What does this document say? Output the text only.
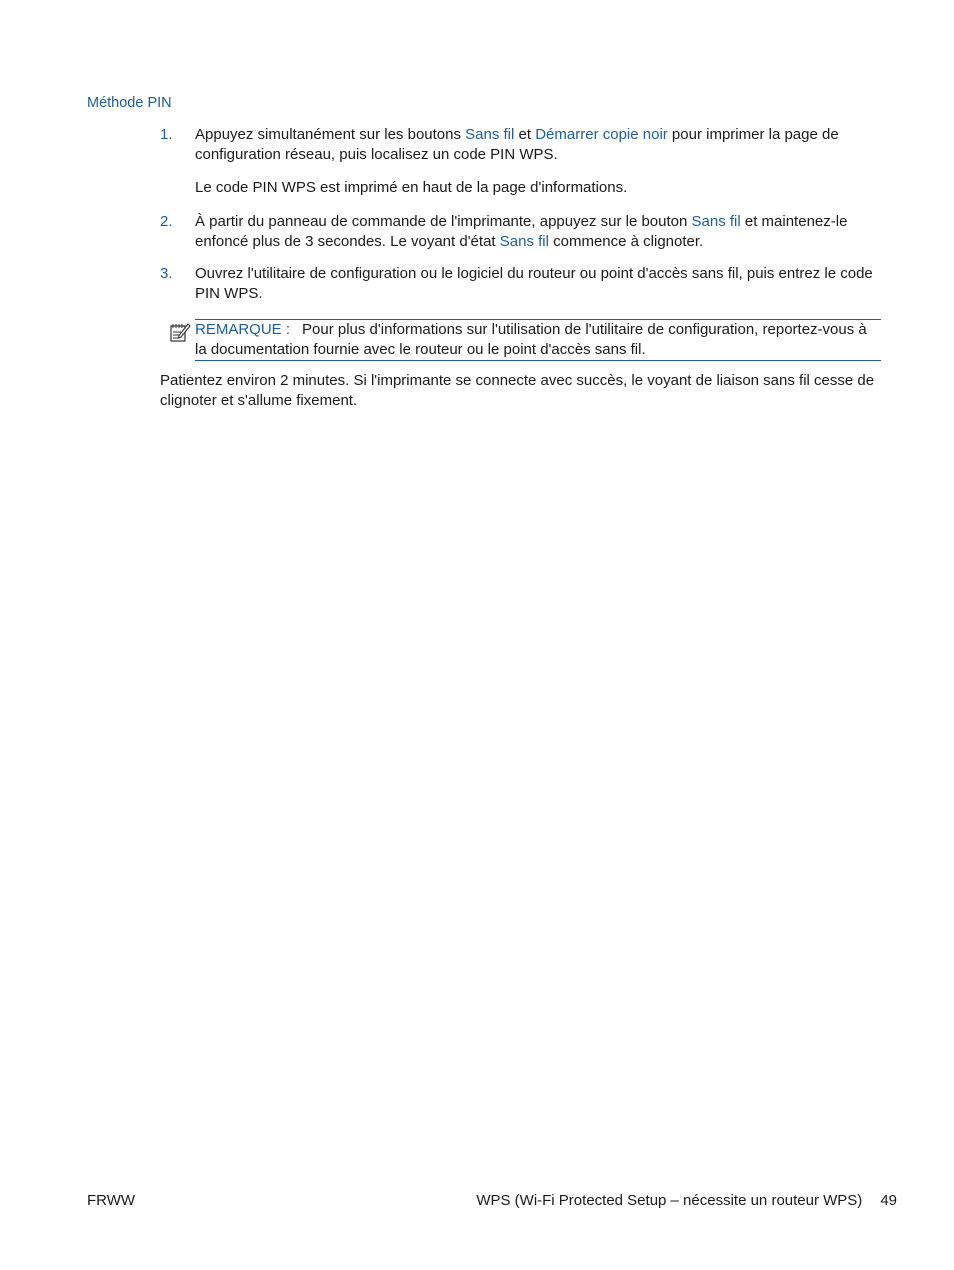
Méthode PIN
1. Appuyez simultanément sur les boutons Sans fil et Démarrer copie noir pour imprimer la page de configuration réseau, puis localisez un code PIN WPS.

Le code PIN WPS est imprimé en haut de la page d'informations.
2. À partir du panneau de commande de l'imprimante, appuyez sur le bouton Sans fil et maintenez-le enfoncé plus de 3 secondes. Le voyant d'état Sans fil commence à clignoter.

3. Ouvrez l'utilitaire de configuration ou le logiciel du routeur ou point d'accès sans fil, puis entrez le code PIN WPS.

REMARQUE : Pour plus d'informations sur l'utilisation de l'utilitaire de configuration, reportez-vous à la documentation fournie avec le routeur ou le point d'accès sans fil.
Patientez environ 2 minutes. Si l'imprimante se connecte avec succès, le voyant de liaison sans fil cesse de clignoter et s'allume fixement.
FRWW	WPS (Wi-Fi Protected Setup – nécessite un routeur WPS) 49
